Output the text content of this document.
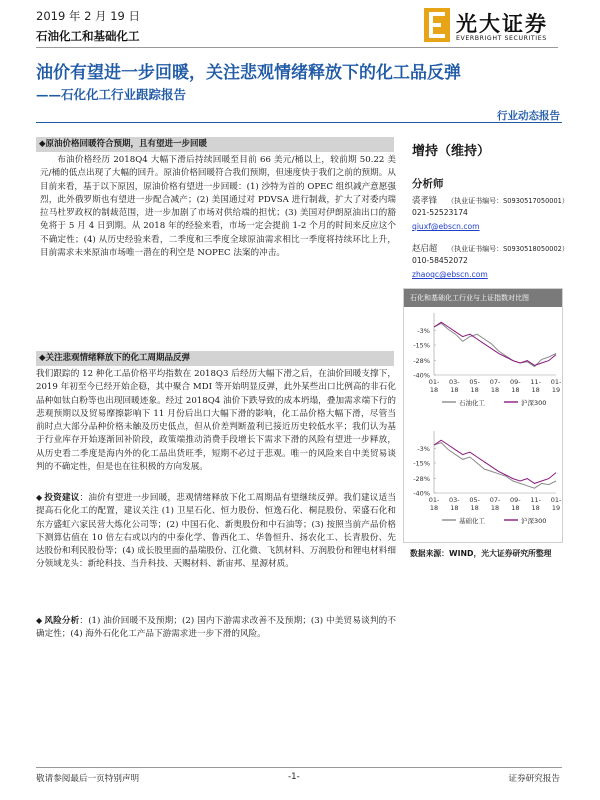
2019 年 2 月 19 日
石油化工和基础化工	光大证券
EVERBRIGHT SECURITIES
油价有望进一步回暖，关注悲观情绪释放下的化工品反弹
——石化化工行业跟踪报告
行业动态报告
◆原油价格回暖符合预期，且有望进一步回暖
布油价格经历 2018Q4 大幅下滑后持续回暖至目前 66 美元/桶以上，较前期 50.22 美元/桶的低点出现了大幅的回升。原油价格回暖符合我们预期，但速度快于我们之前的预期。从目前来看，基于以下原因，原油价格有望进一步回暖：(1) 沙特为首的 OPEC 组织减产意愿强烈，此外俄罗斯也有望进一步配合减产；(2) 美国通过对 PDVSA 进行制裁，扩大了对委内瑞拉马杜罗政权的制裁范围，进一步加剧了市场对供给端的担忧；(3) 美国对伊朗原油出口的豁免将于 5 月 4 日到期。从 2018 年的经验来看，市场一定会提前 1-2 个月的时间来反应这个不确定性；(4) 从历史经验来看，二季度和三季度全球原油需求相比一季度将持续环比上升，目前需求未来原油市场唯一潜在的利空是 NOPEC 法案的冲击。
◆关注悲观情绪释放下的化工周期品反弹
我们跟踪的 12 种化工品价格平均指数在 2018Q3 后经历大幅下滑之后，在油价回暖支撑下，2019 年初至今已经开始企稳，其中聚合 MDI 等开始明显反弹，此外某些出口比例高的非石化品种如钛白粉等也出现回暖迹象。经过 2018Q4 油价下跌导致的成本坍塌，叠加需求端下行的悲观预期以及贸易摩擦影响下 11 月份后出口大幅下滑的影响，化工品价格大幅下滑，尽管当前时点大部分品种价格未触及历史低点，但从价差判断盈利已接近历史较低水平；我们认为基于行业库存开始逐渐回补阶段，政策端推动消费手段增长下需求下滑的风险有望进一步释放，从历史看二季度是海内外的化工品出货旺季，短期不必过于悲观。唯一的风险来自中美贸易谈判的不确定性，但是也在往积极的方向发展。
◆ 投资建议：油价有望进一步回暖，悲观情绪释放下化工周期品有望继续反弹。我们建议适当提高石化化工的配置，建议关注 (1) 卫星石化、恒力股份、恒逸石化、桐昆股份、荣盛石化和东方盛虹六家民营大炼化公司等；(2) 中国石化、新奥股份和中石油等；(3) 按照当前产品价格下测算估值在 10 倍左右或以内的中泰化学、鲁西化工、华鲁恒升、扬农化工、长青股份、先达股份和利民股份等；(4) 成长股里面的晶瑞股份、江化微、飞凯材料、万润股份和锂电材料细分领域龙头：新纶科技、当升科技、天赐材料、新宙邦、星源材质。
◆ 风险分析：(1) 油价回暖不及预期；(2) 国内下游需求改善不及预期；(3) 中美贸易谈判的不确定性；(4) 海外石化化工产品下游需求进一步下滑的风险。
增持（维持）
分析师
裘孝锋 （执业证书编号：S0930517050001）
021-52523174
qiuxf@ebscn.com
赵启超 （执业证书编号：S0930518050002）
010-58452072
zhaoqc@ebscn.com
石化和基础化工行业与上证指数对比图
-3%
-15%
-28%
-40%
01-
18
03-
18
05-
18
07-
18
09-
18
11-
18
01-
19
石油化工	沪深300
-3%
-15%
-28%
-40%
01-
18
03-
18
05-
18
07-
18
09-
18
11-
18
01-
19
基础化工	沪深300
数据来源：WIND，光大证券研究所整理
敬请参阅最后一页特别声明	-1-	证券研究报告
